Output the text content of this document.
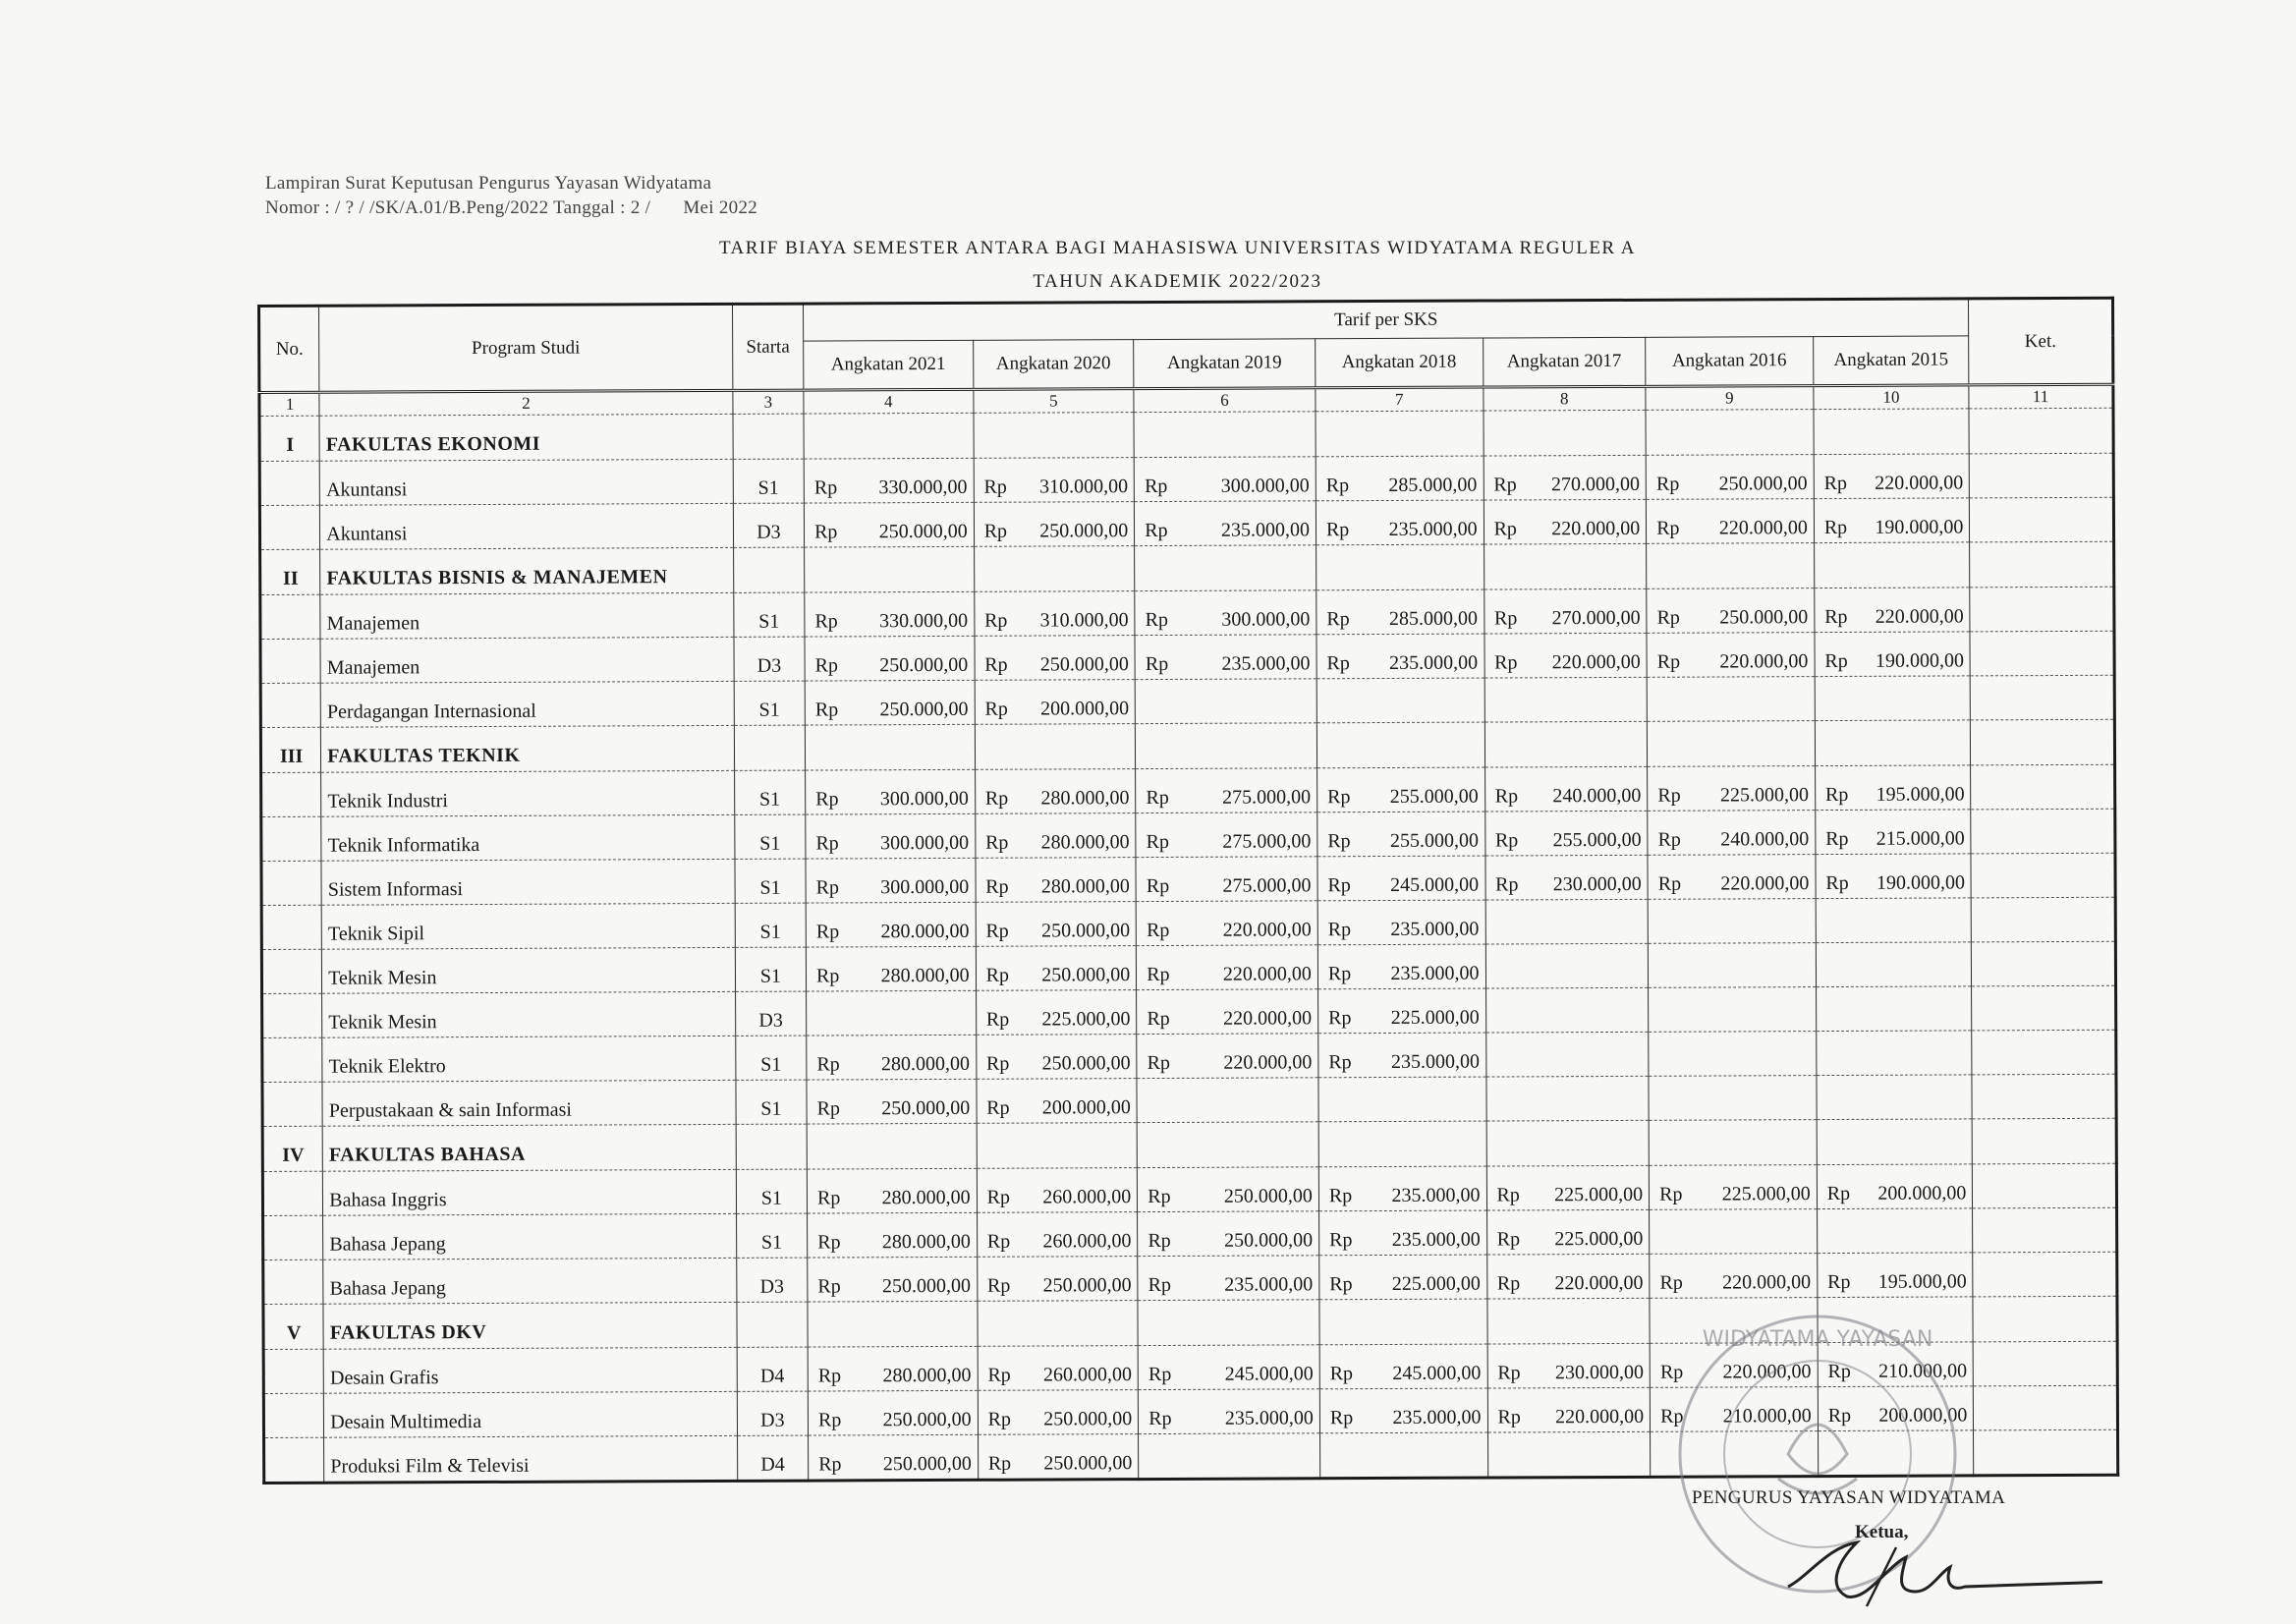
Lampiran Surat Keputusan Pengurus Yayasan Widyatama
Nomor : / ? / /SK/A.01/B.Peng/2022 Tanggal : 2 / Mei 2022
TARIF BIAYA SEMESTER ANTARA BAGI MAHASISWA UNIVERSITAS WIDYATAMA REGULER A
TAHUN AKADEMIK 2022/2023
No.	Program Studi	Starta	Tarif per SKS							Ket.
			Angkatan 2021	Angkatan 2020	Angkatan 2019	Angkatan 2018	Angkatan 2017	Angkatan 2016	Angkatan 2015	
1	2	3	4	5	6	7	8	9	10	11
I	FAKULTAS EKONOMI									
	Akuntansi	S1	Rp 330.000,00	Rp 310.000,00	Rp 300.000,00	Rp 285.000,00	Rp 270.000,00	Rp 250.000,00	Rp 220.000,00	

	Akuntansi	D3	Rp 250.000,00	Rp 250.000,00	Rp 235.000,00	Rp 235.000,00	Rp 220.000,00	Rp 220.000,00	Rp 190.000,00	

II	FAKULTAS BISNIS & MANAJEMEN									
	Manajemen	S1	Rp 330.000,00	Rp 310.000,00	Rp 300.000,00	Rp 285.000,00	Rp 270.000,00	Rp 250.000,00	Rp 220.000,00	

	Manajemen	D3	Rp 250.000,00	Rp 250.000,00	Rp 235.000,00	Rp 235.000,00	Rp 220.000,00	Rp 220.000,00	Rp 190.000,00	

	Perdagangan Internasional	S1	Rp 250.000,00	Rp 200.000,00						

III	FAKULTAS TEKNIK									
	Teknik Industri	S1	Rp 300.000,00	Rp 280.000,00	Rp 275.000,00	Rp 255.000,00	Rp 240.000,00	Rp 225.000,00	Rp 195.000,00	

	Teknik Informatika	S1	Rp 300.000,00	Rp 280.000,00	Rp 275.000,00	Rp 255.000,00	Rp 255.000,00	Rp 240.000,00	Rp 215.000,00	

	Sistem Informasi	S1	Rp 300.000,00	Rp 280.000,00	Rp 275.000,00	Rp 245.000,00	Rp 230.000,00	Rp 220.000,00	Rp 190.000,00	

	Teknik Sipil	S1	Rp 280.000,00	Rp 250.000,00	Rp 220.000,00	Rp 235.000,00				

	Teknik Mesin	S1	Rp 280.000,00	Rp 250.000,00	Rp 220.000,00	Rp 235.000,00				

	Teknik Mesin	D3		Rp 225.000,00	Rp 220.000,00	Rp 225.000,00				

	Teknik Elektro	S1	Rp 280.000,00	Rp 250.000,00	Rp 220.000,00	Rp 235.000,00				

	Perpustakaan & sain Informasi	S1	Rp 250.000,00	Rp 200.000,00						

IV	FAKULTAS BAHASA									
	Bahasa Inggris	S1	Rp 280.000,00	Rp 260.000,00	Rp 250.000,00	Rp 235.000,00	Rp 225.000,00	Rp 225.000,00	Rp 200.000,00	

	Bahasa Jepang	S1	Rp 280.000,00	Rp 260.000,00	Rp 250.000,00	Rp 235.000,00	Rp 225.000,00			

	Bahasa Jepang	D3	Rp 250.000,00	Rp 250.000,00	Rp 235.000,00	Rp 225.000,00	Rp 220.000,00	Rp 220.000,00	Rp 195.000,00	

V	FAKULTAS DKV									
	Desain Grafis	D4	Rp 280.000,00	Rp 260.000,00	Rp 245.000,00	Rp 245.000,00	Rp 230.000,00	Rp 220.000,00	Rp 210.000,00	

	Desain Multimedia	D3	Rp 250.000,00	Rp 250.000,00	Rp 235.000,00	Rp 235.000,00	Rp 220.000,00	Rp 210.000,00	Rp 200.000,00	

	Produksi Film & Televisi	D4	Rp 250.000,00	Rp 250.000,00						

WIDYATAMA YAYASAN
PENGURUS YAYASAN WIDYATAMA
Ketua,
